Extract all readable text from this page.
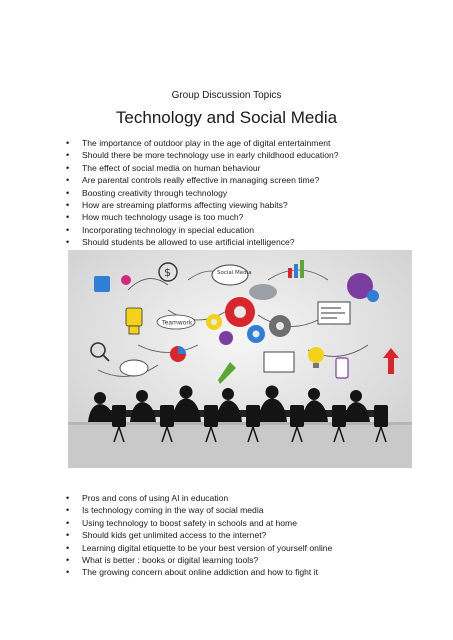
Group Discussion Topics
Technology and Social Media
• The importance of outdoor play in the age of digital entertainment
• Should there be more technology use in early childhood education?
• The effect of social media on human behaviour
• Are parental controls really effective in managing screen time?
• Boosting creativity through technology
• How are streaming platforms affecting viewing habits?
• How much technology usage is too much?
• Incorporating technology in special education
• Should students be allowed to use artificial intelligence?
$	Social Media
Teamwork
• Pros and cons of using AI in education
• Is technology coming in the way of social media
• Using technology to boost safety in schools and at home
• Should kids get unlimited access to the internet?
• Learning digital etiquette to be your best version of yourself online
• What is better : books or digital learning tools?
• The growing concern about online addiction and how to fight it
